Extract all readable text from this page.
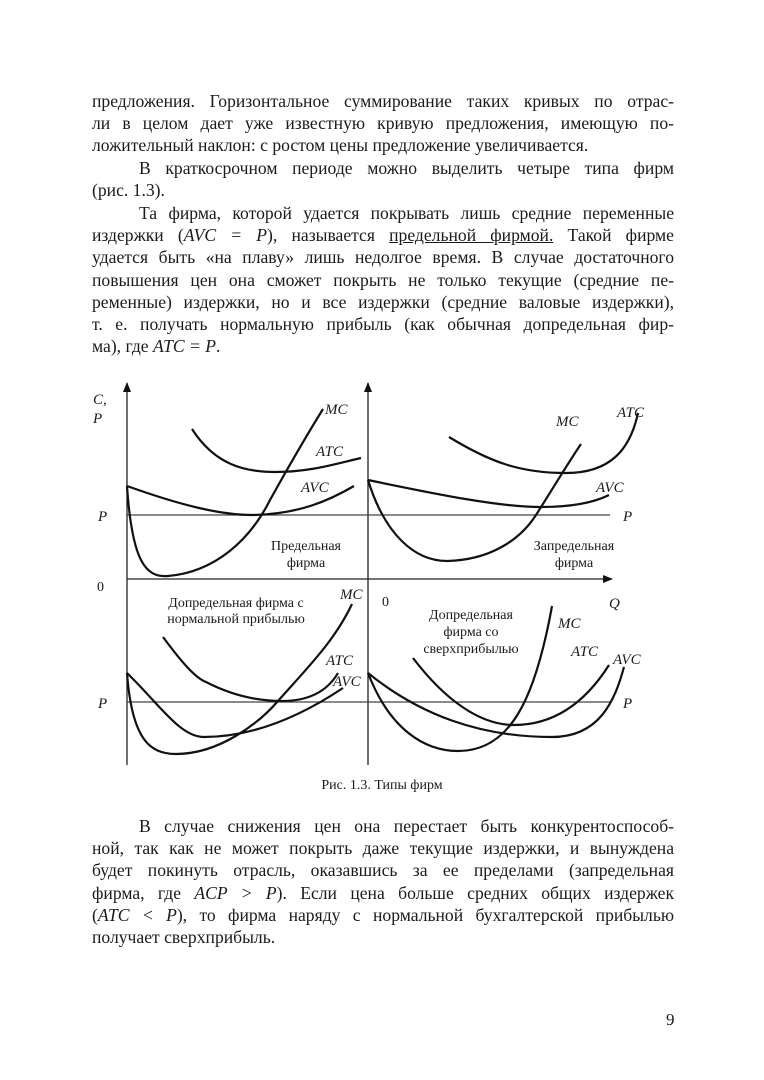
предложения. Горизонтальное суммирование таких кривых по отрас-
ли в целом дает уже известную кривую предложения, имеющую по-
ложительный наклон: с ростом цены предложение увеличивается.
В краткосрочном периоде можно выделить четыре типа фирм
(рис. 1.3).
Та фирма, которой удается покрывать лишь средние переменные
издержки (AVC = P), называется предельной фирмой. Такой фирме
удается быть «на плаву» лишь недолгое время. В случае достаточного
повышения цен она сможет покрыть не только текущие (средние пе-
ременные) издержки, но и все издержки (средние валовые издержки),
т. е. получать нормальную прибыль (как обычная допредельная фир-
ма), где ATC = P.
C,
P
0
0	Q
P	P
P	P
MC
ATC
AVC
Предельная
фирма
MC
ATC
AVC
Запредельная
фирма
MC
ATC
AVC
Допредельная фирма с
нормальной прибылью	MC
ATC AVC
Допредельная
фирма со
сверхприбылью
Рис. 1.3. Типы фирм
В случае снижения цен она перестает быть конкурентоспособ-
ной, так как не может покрыть даже текущие издержки, и вынуждена
будет покинуть отрасль, оказавшись за ее пределами (запредельная
фирма, где ACP > P). Если цена больше средних общих издержек
(ATC < P), то фирма наряду с нормальной бухгалтерской прибылью
получает сверхприбыль.
9
